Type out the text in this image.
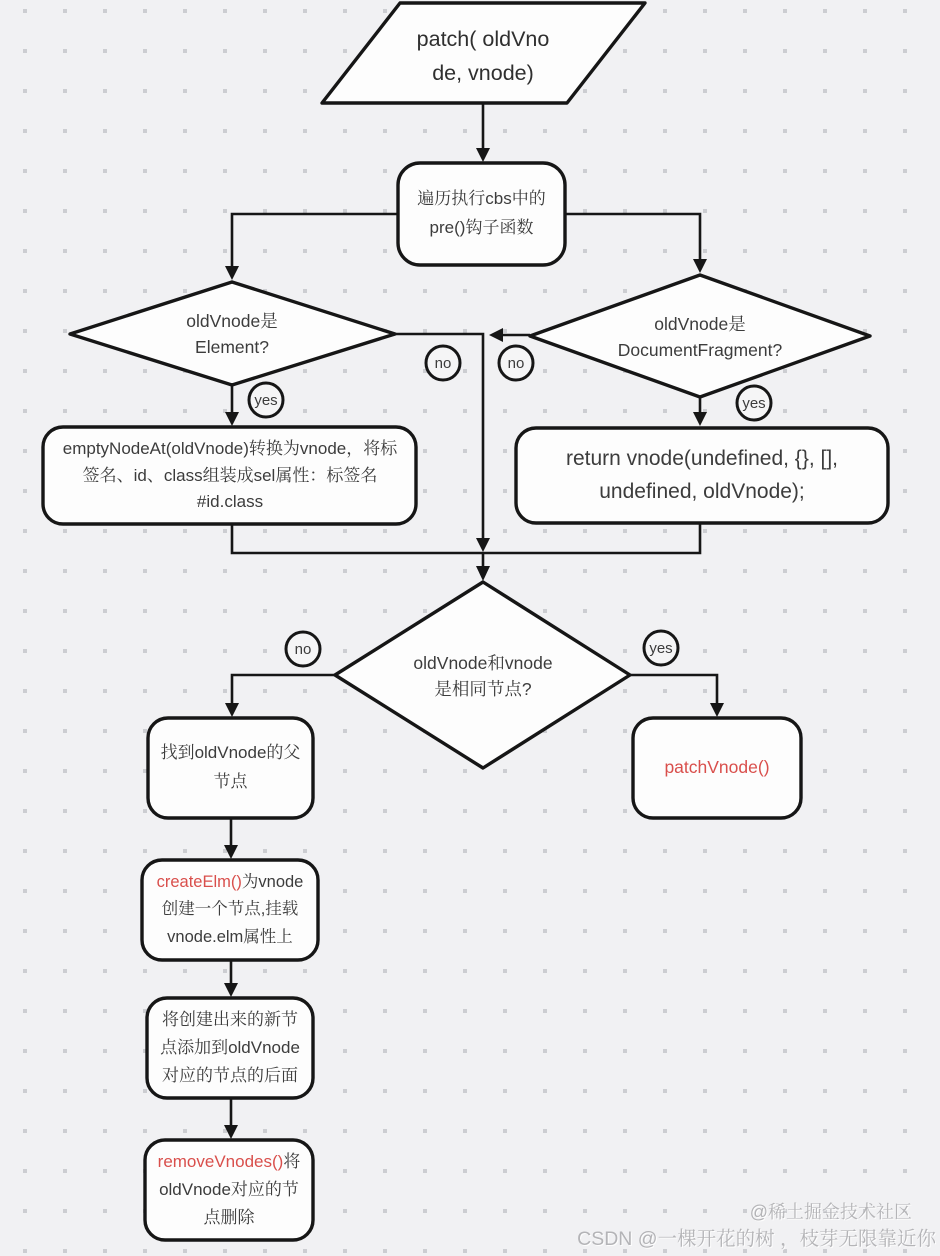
patch( oldVno
de, vnode)
遍历执行cbs中的
pre()钩子函数
oldVnode是
Element?
oldVnode是
DocumentFragment?
emptyNodeAt(oldVnode)转换为vnode，将标
签名、id、class组装成sel属性：标签名
#id.class
return vnode(undefined, {}, [],
undefined, oldVnode);
oldVnode和vnode
是相同节点?
找到oldVnode的父
节点
createElm()为vnode
创建一个节点,挂载
vnode.elm属性上
将创建出来的新节
点添加到oldVnode
对应的节点的后面
removeVnodes()将
oldVnode对应的节
点删除
patchVnode()
no	no
yes	yes
no	yes
@稀土掘金技术社区
CSDN @一棵开花的树 ，枝芽无限靠近你
